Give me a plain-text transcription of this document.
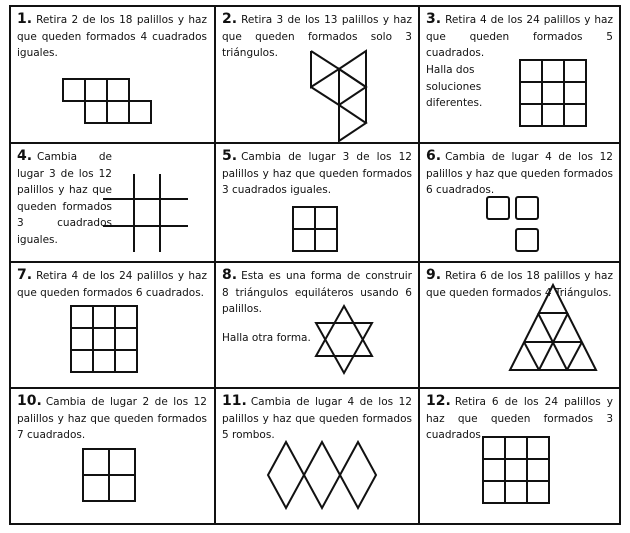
1. Retira 2 de los 18 palillos y haz que queden formados 4 cuadrados iguales.
2. Retira 3 de los 13 palillos y haz que queden formados solo 3 triángulos.
3. Retira 4 de los 24 palillos y haz que queden formados 5 cuadrados.
Halla dos soluciones diferentes.
4. Cambia de lugar 3 de los 12 palillos y haz que queden formados 3 cuadrados iguales.
5. Cambia de lugar 3 de los 12 palillos y haz que queden formados 3 cuadrados iguales.
6. Cambia de lugar 4 de los 12 palillos y haz que queden formados 6 cuadrados.
7. Retira 4 de los 24 palillos y haz que queden formados 6 cuadrados.
8. Esta es una forma de construir 8 triángulos equiláteros usando 6 palillos.
Halla otra forma.
9. Retira 6 de los 18 palillos y haz que queden formados 4 Triángulos.
10. Cambia de lugar 2 de los 12 palillos y haz que queden formados 7 cuadrados.
11. Cambia de lugar 4 de los 12 palillos y haz que queden formados 5 rombos.
12. Retira 6 de los 24 palillos y haz que queden formados 3 cuadrados.
